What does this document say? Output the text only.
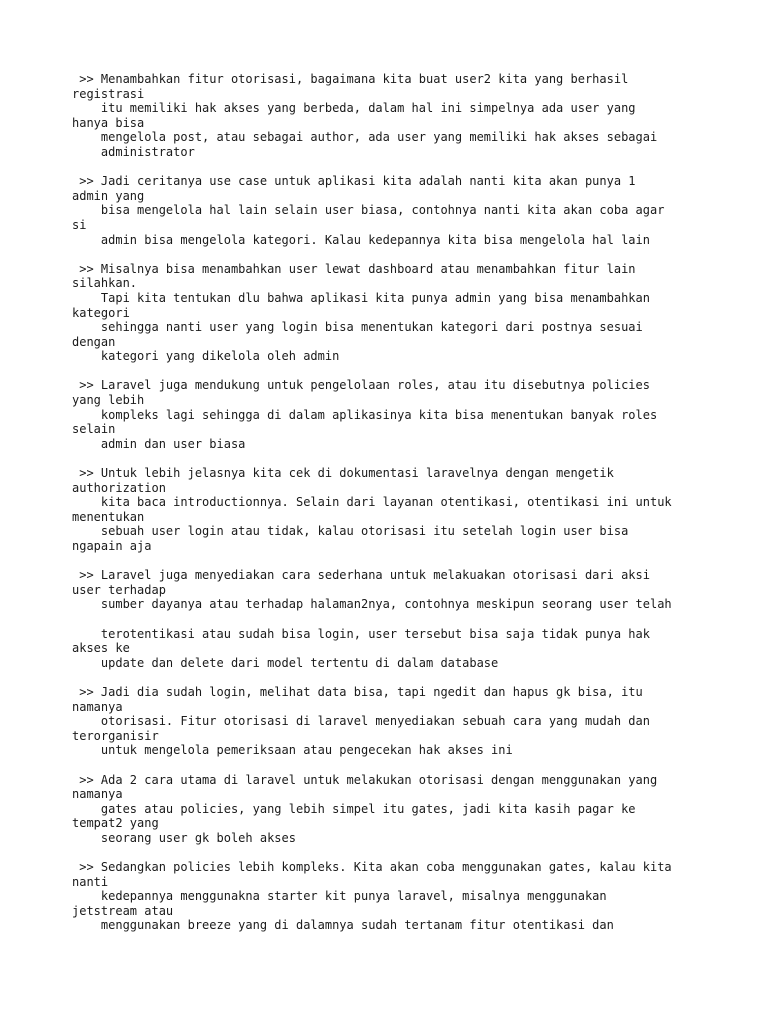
>> Menambahkan fitur otorisasi, bagaimana kita buat user2 kita yang berhasil
registrasi
itu memiliki hak akses yang berbeda, dalam hal ini simpelnya ada user yang
hanya bisa
mengelola post, atau sebagai author, ada user yang memiliki hak akses sebagai
administrator
>> Jadi ceritanya use case untuk aplikasi kita adalah nanti kita akan punya 1
admin yang
bisa mengelola hal lain selain user biasa, contohnya nanti kita akan coba agar
si
admin bisa mengelola kategori. Kalau kedepannya kita bisa mengelola hal lain
>> Misalnya bisa menambahkan user lewat dashboard atau menambahkan fitur lain
silahkan.
Tapi kita tentukan dlu bahwa aplikasi kita punya admin yang bisa menambahkan
kategori
sehingga nanti user yang login bisa menentukan kategori dari postnya sesuai
dengan
kategori yang dikelola oleh admin
>> Laravel juga mendukung untuk pengelolaan roles, atau itu disebutnya policies
yang lebih
kompleks lagi sehingga di dalam aplikasinya kita bisa menentukan banyak roles
selain
admin dan user biasa
>> Untuk lebih jelasnya kita cek di dokumentasi laravelnya dengan mengetik
authorization
kita baca introductionnya. Selain dari layanan otentikasi, otentikasi ini untuk
menentukan
sebuah user login atau tidak, kalau otorisasi itu setelah login user bisa
ngapain aja
>> Laravel juga menyediakan cara sederhana untuk melakuakan otorisasi dari aksi
user terhadap
sumber dayanya atau terhadap halaman2nya, contohnya meskipun seorang user telah
terotentikasi atau sudah bisa login, user tersebut bisa saja tidak punya hak
akses ke
update dan delete dari model tertentu di dalam database
>> Jadi dia sudah login, melihat data bisa, tapi ngedit dan hapus gk bisa, itu
namanya
otorisasi. Fitur otorisasi di laravel menyediakan sebuah cara yang mudah dan
terorganisir
untuk mengelola pemeriksaan atau pengecekan hak akses ini
>> Ada 2 cara utama di laravel untuk melakukan otorisasi dengan menggunakan yang
namanya
gates atau policies, yang lebih simpel itu gates, jadi kita kasih pagar ke
tempat2 yang
seorang user gk boleh akses
>> Sedangkan policies lebih kompleks. Kita akan coba menggunakan gates, kalau kita
nanti
kedepannya menggunakna starter kit punya laravel, misalnya menggunakan
jetstream atau
menggunakan breeze yang di dalamnya sudah tertanam fitur otentikasi dan
